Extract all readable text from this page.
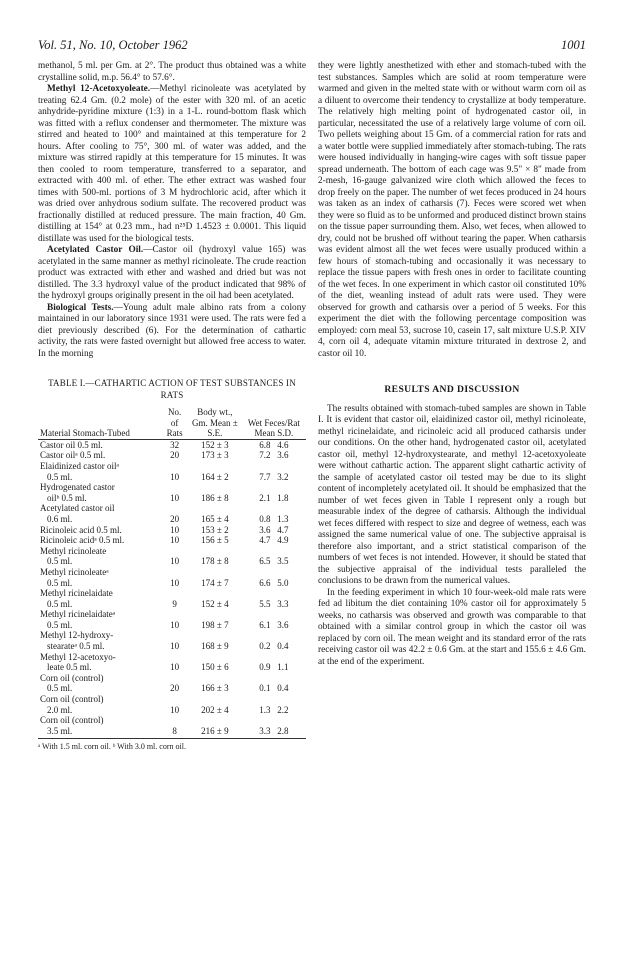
Vol. 51, No. 10, October 1962	1001

methanol, 5 ml. per Gm. at 2°. The product thus obtained was a white crystalline solid, m.p. 56.4° to 57.6°.

Methyl 12-Acetoxyoleate.—Methyl ricinoleate was acetylated by treating 62.4 Gm. (0.2 mole) of the ester with 320 ml. of an acetic anhydride-pyridine mixture (1:3) in a 1-L. round-bottom flask which was fitted with a reflux condenser and thermometer. The mixture was stirred and heated to 100° and maintained at this temperature for 2 hours. After cooling to 75°, 300 ml. of water was added, and the mixture was stirred rapidly at this temperature for 15 minutes. It was then cooled to room temperature, transferred to a separator, and extracted with 400 ml. of ether. The ether extract was washed four times with 500-ml. portions of 3 M hydrochloric acid, after which it was dried over anhydrous sodium sulfate. The recovered product was fractionally distilled at reduced pressure. The main fraction, 40 Gm. distilling at 154° at 0.23 mm., had n²⁵D 1.4523 ± 0.0001. This liquid distillate was used for the biological tests.

Acetylated Castor Oil.—Castor oil (hydroxyl value 165) was acetylated in the same manner as methyl ricinoleate. The crude reaction product was extracted with ether and washed and dried but was not distilled. The 3.3 hydroxyl value of the product indicated that 98% of the hydroxyl groups originally present in the oil had been acetylated.

Biological Tests.—Young adult male albino rats from a colony maintained in our laboratory since 1931 were used. The rats were fed a diet previously described (6). For the determination of cathartic activity, the rats were fasted overnight but allowed free access to water. In the morning

TABLE I.—CATHARTIC ACTION OF TEST SUBSTANCES IN RATS
Material Stomach-Tubed	No. of Rats	Body wt., Gm. Mean ± S.E.	Wet Feces/Rat Mean S.D.
Castor oil 0.5 ml.	32	152 ± 3	6.8 4.6
Castor oilᵃ 0.5 ml.	20	173 ± 3	7.2 3.6
Elaidinized castor oilᵃ			
0.5 ml.	10	164 ± 2	7.7 3.2
Hydrogenated castor			
oilᵇ 0.5 ml.	10	186 ± 8	2.1 1.8
Acetylated castor oil			
0.6 ml.	20	165 ± 4	0.8 1.3
Ricinoleic acid 0.5 ml.	10	153 ± 2	3.6 4.7
Ricinoleic acidᵃ 0.5 ml.	10	156 ± 5	4.7 4.9
Methyl ricinoleate			
0.5 ml.	10	178 ± 8	6.5 3.5
Methyl ricinoleateᵃ			
0.5 ml.	10	174 ± 7	6.6 5.0
Methyl ricinelaidate			
0.5 ml.	9	152 ± 4	5.5 3.3
Methyl ricinelaidateᵃ			
0.5 ml.	10	198 ± 7	6.1 3.6
Methyl 12-hydroxy-			
stearateᵃ 0.5 ml.	10	168 ± 9	0.2 0.4
Methyl 12-acetoxyo-			
leate 0.5 ml.	10	150 ± 6	0.9 1.1
Corn oil (control)			
0.5 ml.	20	166 ± 3	0.1 0.4
Corn oil (control)			
2.0 ml.	10	202 ± 4	1.3 2.2
Corn oil (control)			
3.5 ml.	8	216 ± 9	3.3 2.8
ᵃ With 1.5 ml. corn oil. ᵇ With 3.0 ml. corn oil.

they were lightly anesthetized with ether and stomach-tubed with the test substances. Samples which are solid at room temperature were warmed and given in the melted state with or without warm corn oil as a diluent to overcome their tendency to crystallize at body temperature. The relatively high melting point of hydrogenated castor oil, in particular, necessitated the use of a relatively large volume of corn oil. Two pellets weighing about 15 Gm. of a commercial ration for rats and a water bottle were supplied immediately after stomach-tubing. The rats were housed individually in hanging-wire cages with soft tissue paper spread underneath. The bottom of each cage was 9.5" × 8" made from 2-mesh, 16-gauge galvanized wire cloth which allowed the feces to drop freely on the paper. The number of wet feces produced in 24 hours was taken as an index of catharsis (7). Feces were scored wet when they were so fluid as to be unformed and produced distinct brown stains on the tissue paper surrounding them. Also, wet feces, when allowed to dry, could not be brushed off without tearing the paper. When catharsis was evident almost all the wet feces were usually produced within a few hours of stomach-tubing and occasionally it was necessary to replace the tissue papers with fresh ones in order to facilitate counting of the wet feces. In one experiment in which castor oil constituted 10% of the diet, weanling instead of adult rats were used. They were observed for growth and catharsis over a period of 5 weeks. For this experiment the diet with the following percentage composition was employed: corn meal 53, sucrose 10, casein 17, salt mixture U.S.P. XIV 4, corn oil 4, adequate vitamin mixture triturated in dextrose 2, and castor oil 10.

RESULTS AND DISCUSSION

The results obtained with stomach-tubed samples are shown in Table I. It is evident that castor oil, elaidinized castor oil, methyl ricinoleate, methyl ricinelaidate, and ricinoleic acid all produced catharsis under our conditions. On the other hand, hydrogenated castor oil, acetylated castor oil, methyl 12-hydroxystearate, and methyl 12-acetoxyoleate were without cathartic action. The apparent slight cathartic activity of the sample of acetylated castor oil tested may be due to its slight content of incompletely acetylated oil. It should be emphasized that the number of wet feces given in Table I represent only a rough but measurable index of the degree of catharsis. Although the individual wet feces differed with respect to size and degree of wetness, each was assigned the same numerical value of one. The subjective appraisal is therefore also important, and a strict statistical comparison of the numbers of wet feces is not intended. However, it should be stated that the subjective appraisal of the individual tests paralleled the conclusions to be drawn from the numerical values.

In the feeding experiment in which 10 four-week-old male rats were fed ad libitum the diet containing 10% castor oil for approximately 5 weeks, no catharsis was observed and growth was comparable to that obtained with a similar control group in which the castor oil was replaced by corn oil. The mean weight and its standard error of the rats receiving castor oil was 42.2 ± 0.6 Gm. at the start and 155.6 ± 4.6 Gm. at the end of the experiment.
